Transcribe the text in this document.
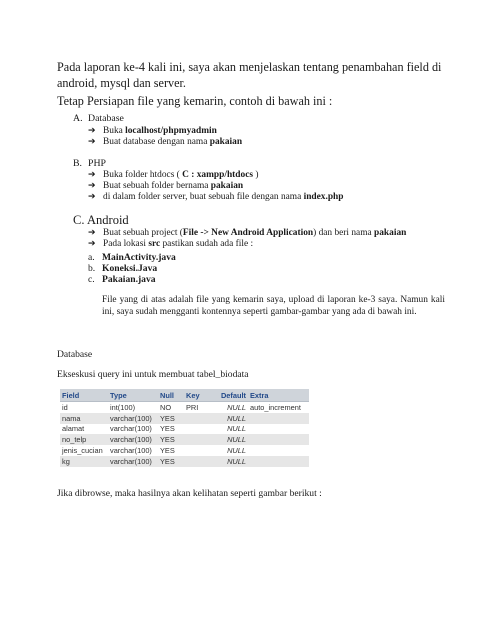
Pada laporan ke-4 kali ini, saya akan menjelaskan tentang penambahan field di android, mysql dan server.
Tetap Persiapan file yang kemarin, contoh di bawah ini :
A. Database
➔ Buka localhost/phpmyadmin
➔ Buat database dengan nama pakaian
B. PHP
➔ Buka folder htdocs ( C : xampp/htdocs )
➔ Buat sebuah folder bernama pakaian
➔ di dalam folder server, buat sebuah file dengan nama index.php
C. Android
➔ Buat sebuah project (File -> New Android Application) dan beri nama pakaian
➔ Pada lokasi src pastikan sudah ada file :
a. MainActivity.java
b. Koneksi.Java
c. Pakaian.java
File yang di atas adalah file yang kemarin saya, upload di laporan ke-3 saya. Namun kali ini, saya sudah mengganti kontennya seperti gambar-gambar yang ada di bawah ini.
Database
Ekseskusi query ini untuk membuat tabel_biodata
Field	Type	Null	Key	Default	Extra
id	int(100)	NO	PRI	NULL	auto_increment
nama	varchar(100)	YES		NULL	
alamat	varchar(100)	YES		NULL	
no_telp	varchar(100)	YES		NULL	
jenis_cucian	varchar(100)	YES		NULL	
kg	varchar(100)	YES		NULL	
Jika dibrowse, maka hasilnya akan kelihatan seperti gambar berikut :
